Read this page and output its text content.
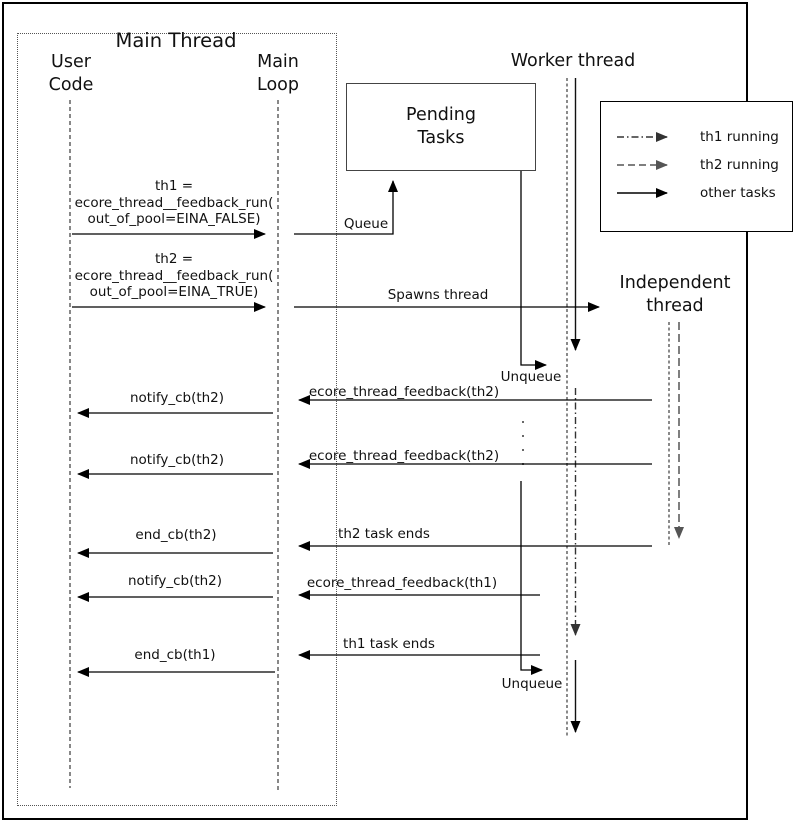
Pending
Tasks
Main Thread
User
Code
Main
Loop
Worker thread
Independent
thread
th1 running
th2 running
other tasks
th1 =
ecore_thread__feedback_run(
out_of_pool=EINA_FALSE)	Queue
th2 =
ecore_thread__feedback_run(
out_of_pool=EINA_TRUE)	Spawns thread
Unqueue
ecore_thread_feedback(th2)
notify_cb(th2)
ecore_thread_feedback(th2)
notify_cb(th2)
th2 task ends
end_cb(th2)
ecore_thread_feedback(th1)
notify_cb(th2)
th1 task ends
end_cb(th1)
Unqueue
